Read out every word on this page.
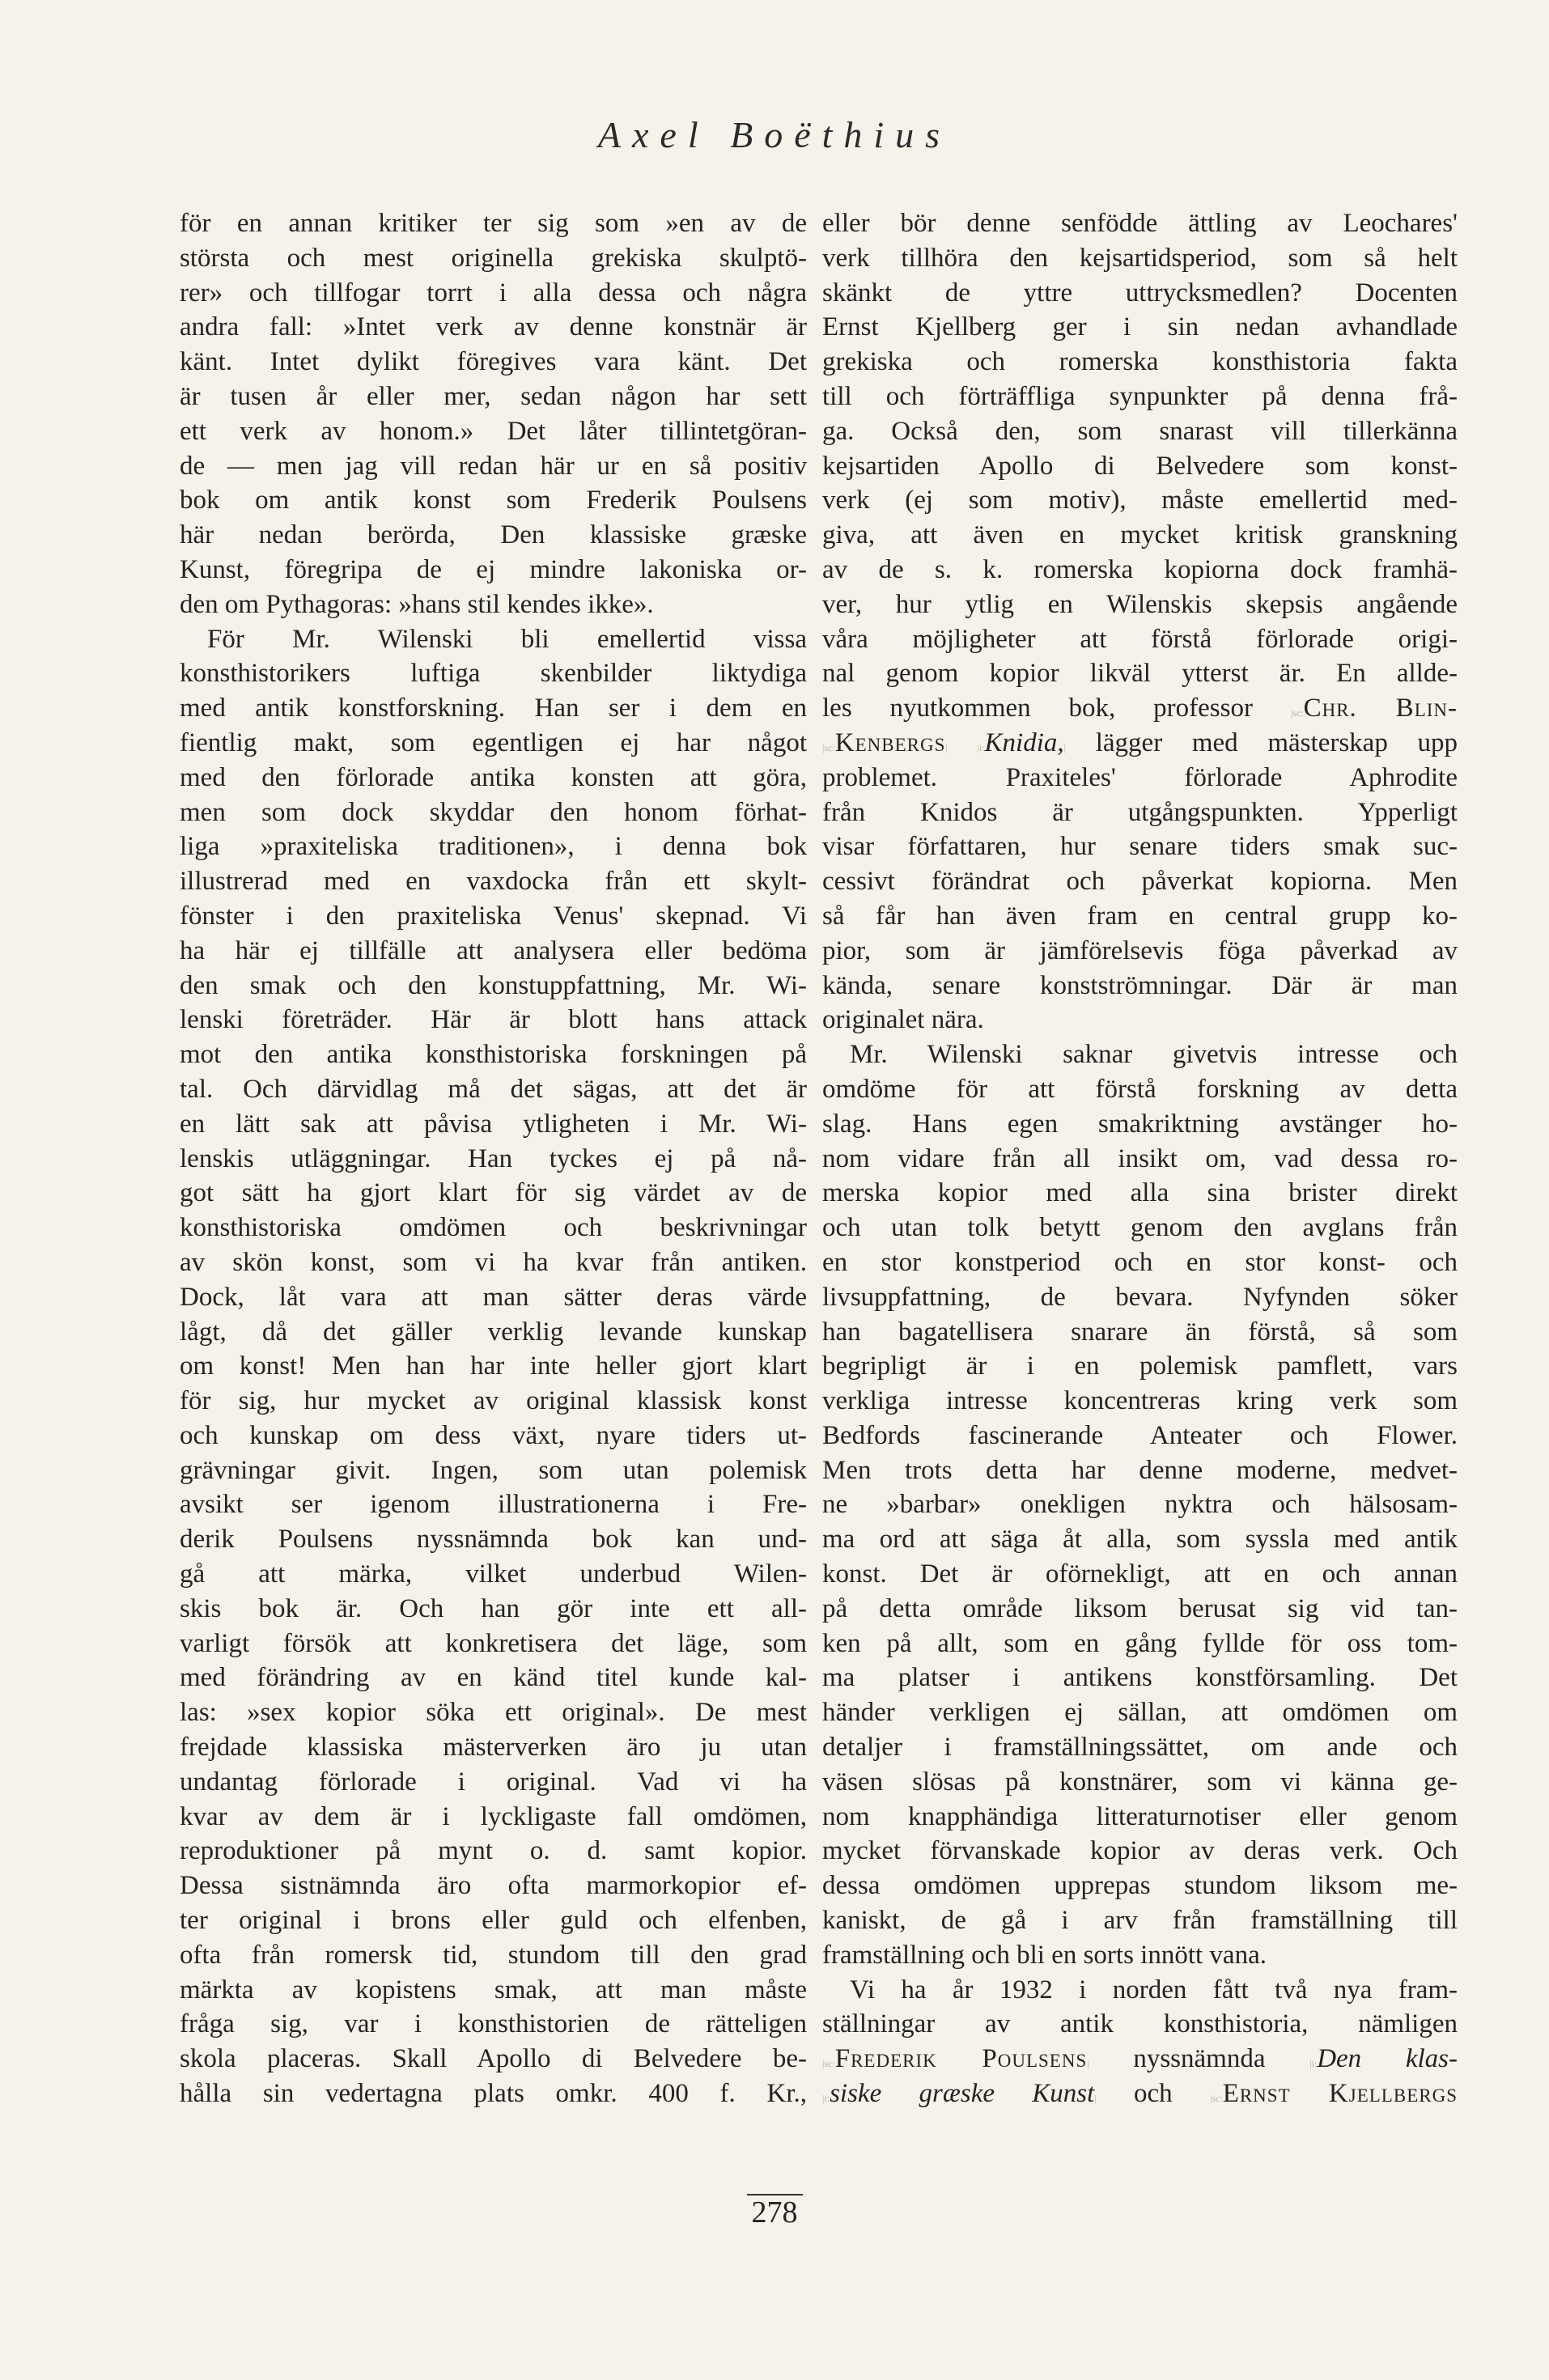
Axel Boëthius
för en annan kritiker ter sig som »en av de
största och mest originella grekiska skulptö-
rer» och tillfogar torrt i alla dessa och några
andra fall: »Intet verk av denne konstnär är
känt. Intet dylikt föregives vara känt. Det
är tusen år eller mer, sedan någon har sett
ett verk av honom.» Det låter tillintetgöran-
de — men jag vill redan här ur en så positiv
bok om antik konst som Frederik Poulsens
här nedan berörda, Den klassiske græske
Kunst, föregripa de ej mindre lakoniska or-
den om Pythagoras: »hans stil kendes ikke».
För Mr. Wilenski bli emellertid vissa
konsthistorikers luftiga skenbilder liktydiga
med antik konstforskning. Han ser i dem en
fientlig makt, som egentligen ej har något
med den förlorade antika konsten att göra,
men som dock skyddar den honom förhat-
liga »praxiteliska traditionen», i denna bok
illustrerad med en vaxdocka från ett skylt-
fönster i den praxiteliska Venus' skepnad. Vi
ha här ej tillfälle att analysera eller bedöma
den smak och den konstuppfattning, Mr. Wi-
lenski företräder. Här är blott hans attack
mot den antika konsthistoriska forskningen på
tal. Och därvidlag må det sägas, att det är
en lätt sak att påvisa ytligheten i Mr. Wi-
lenskis utläggningar. Han tyckes ej på nå-
got sätt ha gjort klart för sig värdet av de
konsthistoriska omdömen och beskrivningar
av skön konst, som vi ha kvar från antiken.
Dock, låt vara att man sätter deras värde
lågt, då det gäller verklig levande kunskap
om konst! Men han har inte heller gjort klart
för sig, hur mycket av original klassisk konst
och kunskap om dess växt, nyare tiders ut-
grävningar givit. Ingen, som utan polemisk
avsikt ser igenom illustrationerna i Fre-
derik Poulsens nyssnämnda bok kan und-
gå att märka, vilket underbud Wilen-
skis bok är. Och han gör inte ett all-
varligt försök att konkretisera det läge, som
med förändring av en känd titel kunde kal-
las: »sex kopior söka ett original». De mest
frejdade klassiska mästerverken äro ju utan
undantag förlorade i original. Vad vi ha
kvar av dem är i lyckligaste fall omdömen,
reproduktioner på mynt o. d. samt kopior.
Dessa sistnämnda äro ofta marmorkopior ef-
ter original i brons eller guld och elfenben,
ofta från romersk tid, stundom till den grad
märkta av kopistens smak, att man måste
fråga sig, var i konsthistorien de rätteligen
skola placeras. Skall Apollo di Belvedere be-
hålla sin vedertagna plats omkr. 400 f. Kr.,
eller bör denne senfödde ättling av Leochares'
verk tillhöra den kejsartidsperiod, som så helt
skänkt de yttre uttrycksmedlen? Docenten
Ernst Kjellberg ger i sin nedan avhandlade
grekiska och romerska konsthistoria fakta
till och förträffliga synpunkter på denna frå-
ga. Också den, som snarast vill tillerkänna
kejsartiden Apollo di Belvedere som konst-
verk (ej som motiv), måste emellertid med-
giva, att även en mycket kritisk granskning
av de s. k. romerska kopiorna dock framhä-
ver, hur ytlig en Wilenskis skepsis angående
våra möjligheter att förstå förlorade origi-
nal genom kopior likväl ytterst är. En allde-
les nyutkommen bok, professor |sc:Chr. Blin-
|sc:Kenbergs|	|i:Knidia,| lägger med mästerskap upp
problemet. Praxiteles' förlorade Aphrodite
från Knidos är utgångspunkten. Ypperligt
visar författaren, hur senare tiders smak suc-
cessivt förändrat och påverkat kopiorna. Men
så får han även fram en central grupp ko-
pior, som är jämförelsevis föga påverkad av
kända, senare konstströmningar. Där är man
originalet nära.
Mr. Wilenski saknar givetvis intresse och
omdöme för att förstå forskning av detta
slag. Hans egen smakriktning avstänger ho-
nom vidare från all insikt om, vad dessa ro-
merska kopior med alla sina brister direkt
och utan tolk betytt genom den avglans från
en stor konstperiod och en stor konst- och
livsuppfattning, de bevara. Nyfynden söker
han bagatellisera snarare än förstå, så som
begripligt är i en polemisk pamflett, vars
verkliga intresse koncentreras kring verk som
Bedfords fascinerande Anteater och Flower.
Men trots detta har denne moderne, medvet-
ne »barbar» onekligen nyktra och hälsosam-
ma ord att säga åt alla, som syssla med antik
konst. Det är oförnekligt, att en och annan
på detta område liksom berusat sig vid tan-
ken på allt, som en gång fyllde för oss tom-
ma platser i antikens konstförsamling. Det
händer verkligen ej sällan, att omdömen om
detaljer i framställningssättet, om ande och
väsen slösas på konstnärer, som vi känna ge-
nom knapphändiga litteraturnotiser eller genom
mycket förvanskade kopior av deras verk. Och
dessa omdömen upprepas stundom liksom me-
kaniskt, de gå i arv från framställning till
framställning och bli en sorts innött vana.
Vi ha år 1932 i norden fått två nya fram-
ställningar av antik konsthistoria, nämligen
|sc:Frederik Poulsens| nyssnämnda |i:Den klas-
|i:siske græske Kunst| och |sc:Ernst Kjellbergs
278
